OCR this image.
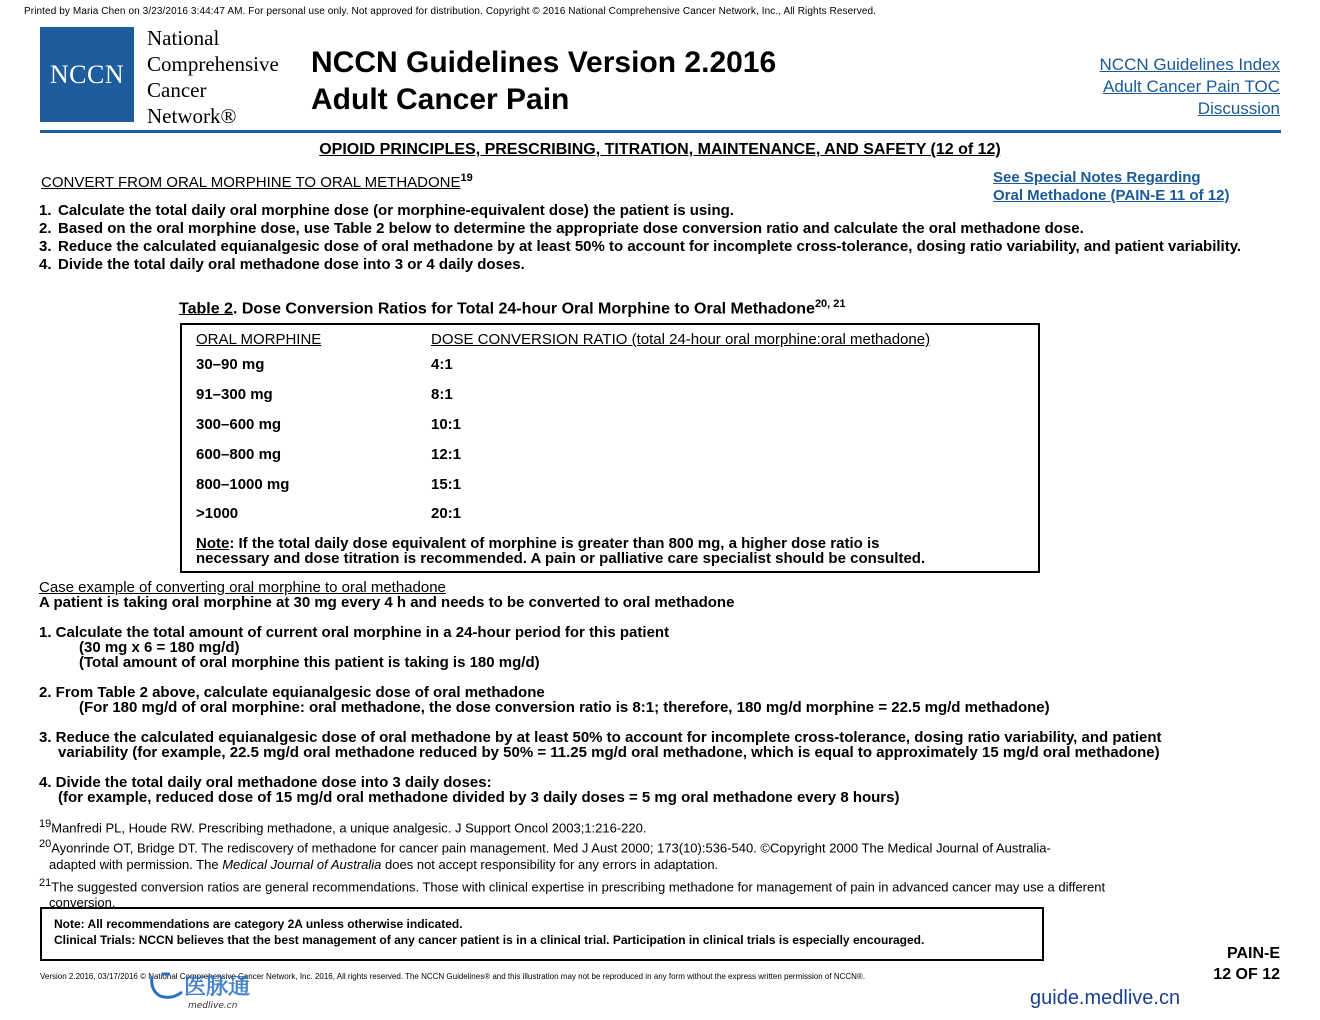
Printed by Maria Chen on 3/23/2016 3:44:47 AM. For personal use only. Not approved for distribution. Copyright © 2016 National Comprehensive Cancer Network, Inc., All Rights Reserved.
NCCN
National
Comprehensive
Cancer
Network®
NCCN Guidelines Version 2.2016
Adult Cancer Pain
NCCN Guidelines Index
Adult Cancer Pain TOC
Discussion
OPIOID PRINCIPLES, PRESCRIBING, TITRATION, MAINTENANCE, AND SAFETY (12 of 12)
CONVERT FROM ORAL MORPHINE TO ORAL METHADONE$^{19}$	See Special Notes Regarding
Oral Methadone (PAIN-E 11 of 12)
1. Calculate the total daily oral morphine dose (or morphine-equivalent dose) the patient is using.
2. Based on the oral morphine dose, use Table 2 below to determine the appropriate dose conversion ratio and calculate the oral methadone dose.
3. Reduce the calculated equianalgesic dose of oral methadone by at least 50% to account for incomplete cross-tolerance, dosing ratio variability, and patient variability.
4. Divide the total daily oral methadone dose into 3 or 4 daily doses.
Table 2. Dose Conversion Ratios for Total 24-hour Oral Morphine to Oral Methadone$^{20, 21}$
ORAL MORPHINE	DOSE CONVERSION RATIO (total 24-hour oral morphine:oral methadone)
30–90 mg	4:1
91–300 mg	8:1
300–600 mg	10:1
600–800 mg	12:1
800–1000 mg	15:1
>1000	20:1
Note: If the total daily dose equivalent of morphine is greater than 800 mg, a higher dose ratio is
necessary and dose titration is recommended. A pain or palliative care specialist should be consulted.
Case example of converting oral morphine to oral methadone
A patient is taking oral morphine at 30 mg every 4 h and needs to be converted to oral methadone
1. Calculate the total amount of current oral morphine in a 24-hour period for this patient
(30 mg x 6 = 180 mg/d)
(Total amount of oral morphine this patient is taking is 180 mg/d)
2. From Table 2 above, calculate equianalgesic dose of oral methadone
(For 180 mg/d of oral morphine: oral methadone, the dose conversion ratio is 8:1; therefore, 180 mg/d morphine = 22.5 mg/d methadone)
3. Reduce the calculated equianalgesic dose of oral methadone by at least 50% to account for incomplete cross-tolerance, dosing ratio variability, and patient
variability (for example, 22.5 mg/d oral methadone reduced by 50% = 11.25 mg/d oral methadone, which is equal to approximately 15 mg/d oral methadone)
4. Divide the total daily oral methadone dose into 3 daily doses:
(for example, reduced dose of 15 mg/d oral methadone divided by 3 daily doses = 5 mg oral methadone every 8 hours)
$^{19}$Manfredi PL, Houde RW. Prescribing methadone, a unique analgesic. J Support Oncol 2003;1:216-220.
$^{20}$Ayonrinde OT, Bridge DT. The rediscovery of methadone for cancer pain management. Med J Aust 2000; 173(10):536-540. ©Copyright 2000 The Medical Journal of Australia-
adapted with permission. The Medical Journal of Australia does not accept responsibility for any errors in adaptation.
$^{21}$The suggested conversion ratios are general recommendations. Those with clinical expertise in prescribing methadone for management of pain in advanced cancer may use a different
conversion.
Note: All recommendations are category 2A unless otherwise indicated.
Clinical Trials: NCCN believes that the best management of any cancer patient is in a clinical trial. Participation in clinical trials is especially encouraged.
PAIN-E
12 OF 12
Version 2.2016, 03/17/2016 © National Comprehensive Cancer Network, Inc. 2016, All rights reserved. The NCCN Guidelines® and this illustration may not be reproduced in any form without the express written permission of NCCN®.
医脉通
medlive.cn	guide.medlive.cn
